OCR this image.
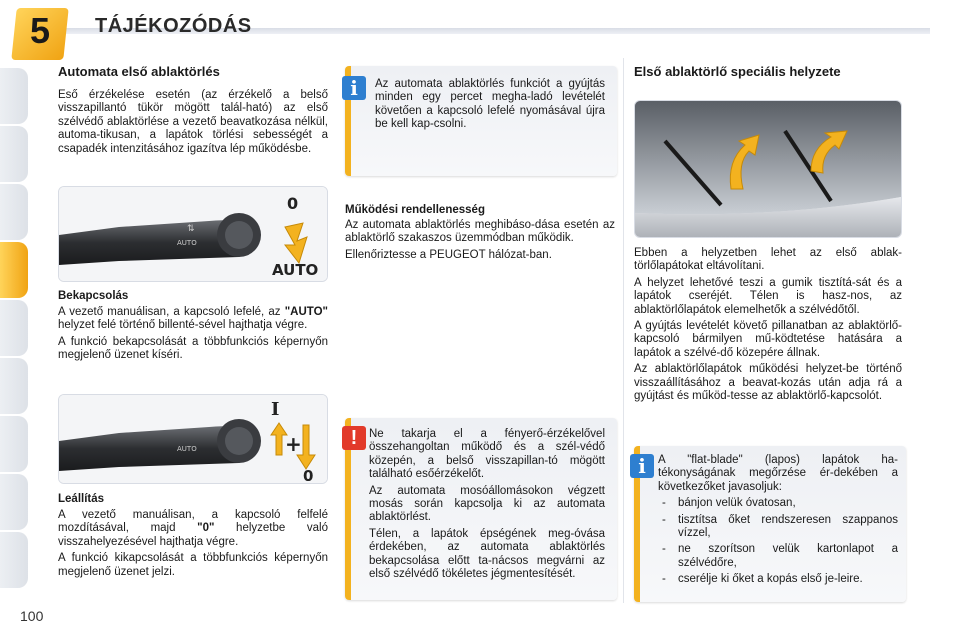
5	TÁJÉKOZÓDÁS
Automata első ablaktörlés

Eső érzékelése esetén (az érzékelő a belső visszapillantó tükör mögött talál-ható) az első szélvédő ablaktörlése a vezető beavatkozása nélkül, automa-tikusan, a lapátok törlési sebességét a csapadék intenzitásához igazítva lép működésbe.

AUTO
⇅
0
AUTO
Bekapcsolás

A vezető manuálisan, a kapcsoló lefelé, az "AUTO" helyzet felé történő billenté-sével hajthatja végre.

A funkció bekapcsolását a többfunkciós képernyőn megjelenő üzenet kíséri.

AUTO
I
+
0
Leállítás

A vezető manuálisan, a kapcsoló felfelé mozdításával, majd "0" helyzetbe való visszahelyezésével hajthatja végre.

A funkció kikapcsolását a többfunkciós képernyőn megjelenő üzenet jelzi.

Az automata ablaktörlés funkciót a gyújtás minden egy percet megha-ladó levételét követően a kapcsoló lefelé nyomásával újra be kell kap-csolni.
i
Működési rendellenesség

Az automata ablaktörlés meghibáso-dása esetén az ablaktörlő szakaszos üzemmódban működik.

Ellenőriztesse a PEUGEOT hálózat-ban.

Ne takarja el a fényerő-érzékelővel összehangoltan működő és a szél-védő közepén, a belső visszapillan-tó mögött található esőérzékelőt.

Az automata mosóállomásokon végzett mosás során kapcsolja ki az automata ablaktörlést.

Télen, a lapátok épségének meg-óvása érdekében, az automata ablaktörlés bekapcsolása előtt ta-nácsos megvárni az első szélvédő tökéletes jégmentesítését.

!
Első ablaktörlő speciális helyzete

Ebben a helyzetben lehet az első ablak-törlőlapátokat eltávolítani.

A helyzet lehetővé teszi a gumik tisztítá-sát és a lapátok cseréjét. Télen is hasz-nos, az ablaktörlőlapátok elemelhetők a szélvédőtől.

A gyújtás levételét követő pillanatban az ablaktörlő-kapcsoló bármilyen mű-ködtetése hatására a lapátok a szélvé-dő közepére állnak.

Az ablaktörlőlapátok működési helyzet-be történő visszaállításához a beavat-kozás után adja rá a gyújtást és működ-tesse az ablaktörlő-kapcsolót.

A "flat-blade" (lapos) lapátok ha-tékonyságának megőrzése ér-dekében a következőket javasoljuk:

- bánjon velük óvatosan,
- tisztítsa őket rendszeresen szappanos vízzel,
- ne szorítson velük kartonlapot a szélvédőre,
- cserélje ki őket a kopás első je-leire.
i
100
